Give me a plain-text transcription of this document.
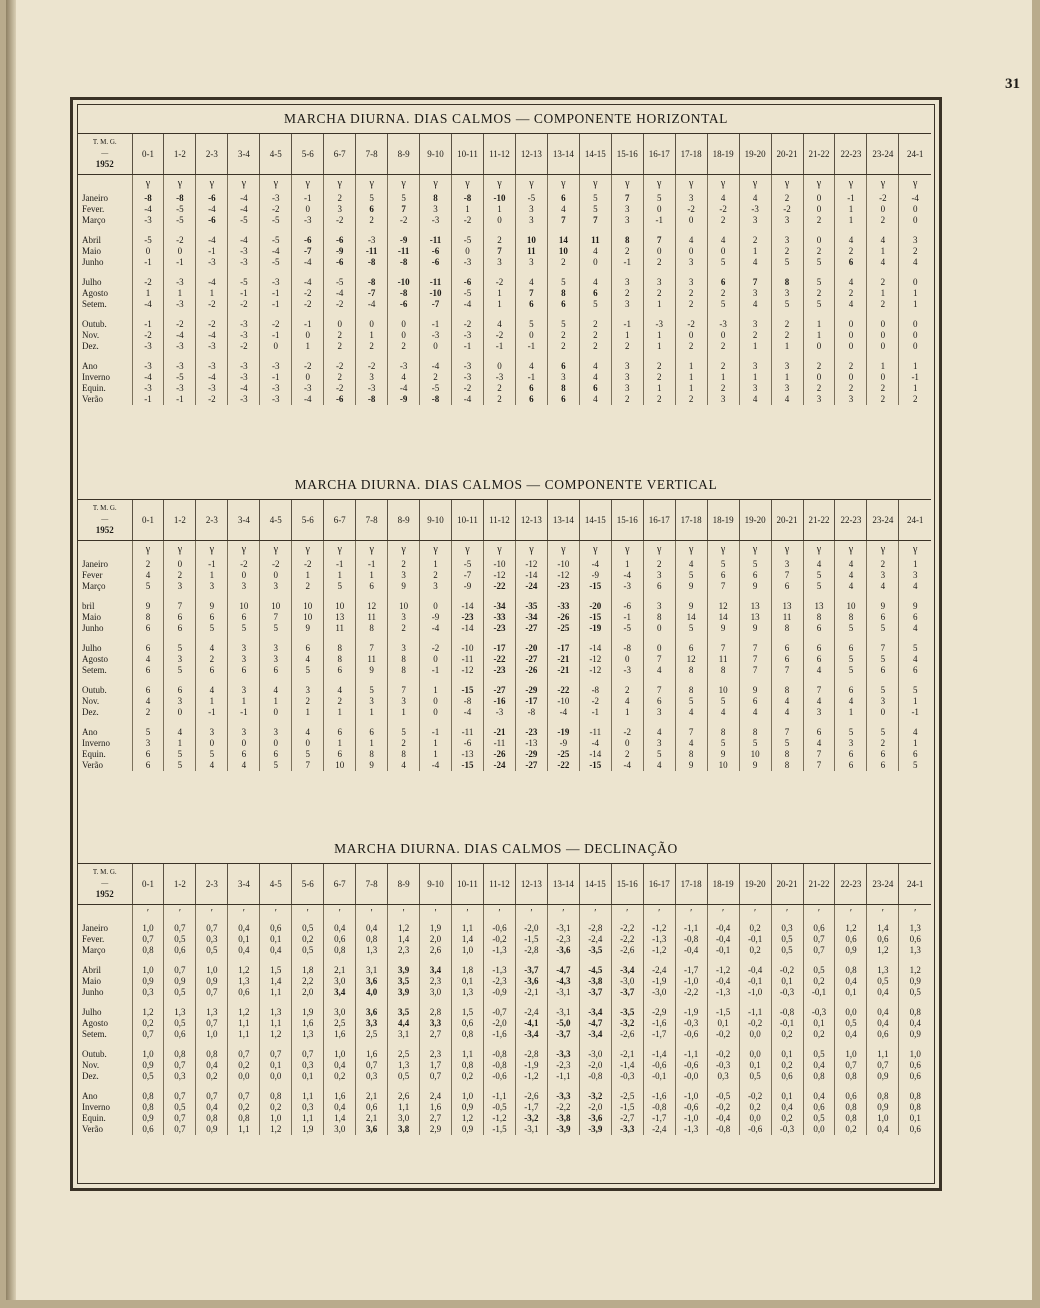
31
MARCHA DIURNA. DIAS CALMOS — COMPONENTE HORIZONTAL
T. M. G.
—
1952	0-1	1-2	2-3	3-4	4-5	5-6	6-7	7-8	8-9	9-10	10-11	11-12	12-13	13-14	14-15	15-16	16-17	17-18	18-19	19-20	20-21	21-22	22-23	23-24	24-1
	γ	γ	γ	γ	γ	γ	γ	γ	γ	γ	γ	γ	γ	γ	γ	γ	γ	γ	γ	γ	γ	γ	γ	γ	γ
Janeiro	-8	-8	-6	-4	-3	-1	2	5	5	8	-8	-10	-5	6	5	7	5	3	4	4	2	0	-1	-2	-4
Fever.	-4	-5	-4	-4	-2	0	3	6	7	3	1	1	3	4	5	3	0	-2	-2	-3	-2	0	1	0	0
Março	-3	-5	-6	-5	-5	-3	-2	2	-2	-3	-2	0	3	7	7	3	-1	0	2	3	3	2	1	2	0

Abril	-5	-2	-4	-4	-5	-6	-6	-3	-9	-11	-5	2	10	14	11	8	7	4	4	2	3	0	4	4	3
Maio	0	0	-1	-3	-4	-7	-9	-11	-11	-6	0	7	11	10	4	2	0	0	0	1	2	2	2	1	2
Junho	-1	-1	-3	-3	-5	-4	-6	-8	-8	-6	-3	3	3	2	0	-1	2	3	5	4	5	5	6	4	4

Julho	-2	-3	-4	-5	-3	-4	-5	-8	-10	-11	-6	-2	4	5	4	3	3	3	6	7	8	5	4	2	0
Agosto	1	1	1	-1	-1	-2	-4	-7	-8	-10	-5	1	7	8	6	2	2	2	2	3	3	2	2	1	1
Setem.	-4	-3	-2	-2	-1	-2	-2	-4	-6	-7	-4	1	6	6	5	3	1	2	5	4	5	5	4	2	1

Outub.	-1	-2	-2	-3	-2	-1	0	0	0	-1	-2	4	5	5	2	-1	-3	-2	-3	3	2	1	0	0	0
Nov.	-2	-4	-4	-3	-1	0	2	1	0	-3	-3	-2	0	2	2	1	1	0	0	2	2	1	0	0	0
Dez.	-3	-3	-3	-2	0	1	2	2	2	0	-1	-1	-1	2	2	2	1	2	2	1	1	0	0	0	0

Ano	-3	-3	-3	-3	-3	-2	-2	-2	-3	-4	-3	0	4	6	4	3	2	1	2	3	3	2	2	1	1
Inverno	-4	-5	-4	-3	-1	0	2	3	4	2	-3	-3	-1	3	4	3	2	1	1	1	1	0	0	0	-1
Equin.	-3	-3	-3	-4	-3	-3	-2	-3	-4	-5	-2	2	6	8	6	3	1	1	2	3	3	2	2	2	1
Verão	-1	-1	-2	-3	-3	-4	-6	-8	-9	-8	-4	2	6	6	4	2	2	2	3	4	4	3	3	2	2
MARCHA DIURNA. DIAS CALMOS — COMPONENTE VERTICAL
T. M. G.
—
1952	0-1	1-2	2-3	3-4	4-5	5-6	6-7	7-8	8-9	9-10	10-11	11-12	12-13	13-14	14-15	15-16	16-17	17-18	18-19	19-20	20-21	21-22	22-23	23-24	24-1
	γ	γ	γ	γ	γ	γ	γ	γ	γ	γ	γ	γ	γ	γ	γ	γ	γ	γ	γ	γ	γ	γ	γ	γ	γ
Janeiro	2	0	-1	-2	-2	-2	-1	-1	2	1	-5	-10	-12	-10	-4	1	2	4	5	5	3	4	4	2	1
Fever	4	2	1	0	0	1	1	1	3	2	-7	-12	-14	-12	-9	-4	3	5	6	6	7	5	4	3	3
Março	5	3	3	3	3	2	5	6	9	3	-9	-22	-24	-23	-15	-3	6	9	7	9	6	5	4	4	4

bril	9	7	9	10	10	10	10	12	10	0	-14	-34	-35	-33	-20	-6	3	9	12	13	13	13	10	9	9
Maio	8	6	6	6	7	10	13	11	3	-9	-23	-33	-34	-26	-15	-1	8	14	14	13	11	8	8	6	6
Junho	6	6	5	5	5	9	11	8	2	-4	-14	-23	-27	-25	-19	-5	0	5	9	9	8	6	5	5	4

Julho	6	5	4	3	3	6	8	7	3	-2	-10	-17	-20	-17	-14	-8	0	6	7	7	6	6	6	7	5
Agosto	4	3	2	3	3	4	8	11	8	0	-11	-22	-27	-21	-12	0	7	12	11	7	6	6	5	5	4
Setem.	6	5	6	6	6	5	6	9	8	-1	-12	-23	-26	-21	-12	-3	4	8	8	7	7	4	5	6	6

Outub.	6	6	4	3	4	3	4	5	7	1	-15	-27	-29	-22	-8	2	7	8	10	9	8	7	6	5	5
Nov.	4	3	1	1	1	2	2	3	3	0	-8	-16	-17	-10	-2	4	6	5	5	6	4	4	4	3	1
Dez.	2	0	-1	-1	0	1	1	1	1	0	-4	-3	-8	-4	-1	1	3	4	4	4	4	3	1	0	-1

Ano	5	4	3	3	3	4	6	6	5	-1	-11	-21	-23	-19	-11	-2	4	7	8	8	7	6	5	5	4
Inverno	3	1	0	0	0	0	1	1	2	1	-6	-11	-13	-9	-4	0	3	4	5	5	5	4	3	2	1
Equin.	6	5	5	6	6	5	6	8	8	1	-13	-26	-29	-25	-14	2	5	8	9	10	8	7	6	6	6
Verão	6	5	4	4	5	7	10	9	4	-4	-15	-24	-27	-22	-15	-4	4	9	10	9	8	7	6	6	5
MARCHA DIURNA. DIAS CALMOS — DECLINAÇÃO
T. M. G.
—
1952	0-1	1-2	2-3	3-4	4-5	5-6	6-7	7-8	8-9	9-10	10-11	11-12	12-13	13-14	14-15	15-16	16-17	17-18	18-19	19-20	20-21	21-22	22-23	23-24	24-1
	′	′	′	′	′	′	′	′	′	′	′	′	′	′	′	′	′	′	′	′	′	′	′	′	′
Janeiro	1,0	0,7	0,7	0,4	0,6	0,5	0,4	0,4	1,2	1,9	1,1	-0,6	-2,0	-3,1	-2,8	-2,2	-1,2	-1,1	-0,4	0,2	0,3	0,6	1,2	1,4	1,3
Fever.	0,7	0,5	0,3	0,1	0,1	0,2	0,6	0,8	1,4	2,0	1,4	-0,2	-1,5	-2,3	-2,4	-2,2	-1,3	-0,8	-0,4	-0,1	0,5	0,7	0,6	0,6	0,6
Março	0,8	0,6	0,5	0,4	0,4	0,5	0,8	1,3	2,3	2,6	1,0	-1,3	-2,8	-3,6	-3,5	-2,6	-1,2	-0,4	-0,1	0,2	0,5	0,7	0,9	1,2	1,3

Abril	1,0	0,7	1,0	1,2	1,5	1,8	2,1	3,1	3,9	3,4	1,8	-1,3	-3,7	-4,7	-4,5	-3,4	-2,4	-1,7	-1,2	-0,4	-0,2	0,5	0,8	1,3	1,2
Maio	0,9	0,9	0,9	1,3	1,4	2,2	3,0	3,6	3,5	2,3	0,1	-2,3	-3,6	-4,3	-3,8	-3,0	-1,9	-1,0	-0,4	-0,1	0,1	0,2	0,4	0,5	0,9
Junho	0,3	0,5	0,7	0,6	1,1	2,0	3,4	4,0	3,9	3,0	1,3	-0,9	-2,1	-3,1	-3,7	-3,7	-3,0	-2,2	-1,3	-1,0	-0,3	-0,1	0,1	0,4	0,5

Julho	1,2	1,3	1,3	1,2	1,3	1,9	3,0	3,6	3,5	2,8	1,5	-0,7	-2,4	-3,1	-3,4	-3,5	-2,9	-1,9	-1,5	-1,1	-0,8	-0,3	0,0	0,4	0,8
Agosto	0,2	0,5	0,7	1,1	1,1	1,6	2,5	3,3	4,4	3,3	0,6	-2,0	-4,1	-5,0	-4,7	-3,2	-1,6	-0,3	0,1	-0,2	-0,1	0,1	0,5	0,4	0,4
Setem.	0,7	0,6	1,0	1,1	1,2	1,3	1,6	2,5	3,1	2,7	0,8	-1,6	-3,4	-3,7	-3,4	-2,6	-1,7	-0,6	-0,2	0,0	0,2	0,2	0,4	0,6	0,9

Outub.	1,0	0,8	0,8	0,7	0,7	0,7	1,0	1,6	2,5	2,3	1,1	-0,8	-2,8	-3,3	-3,0	-2,1	-1,4	-1,1	-0,2	0,0	0,1	0,5	1,0	1,1	1,0
Nov.	0,9	0,7	0,4	0,2	0,1	0,3	0,4	0,7	1,3	1,7	0,8	-0,8	-1,9	-2,3	-2,0	-1,4	-0,6	-0,6	-0,3	0,1	0,2	0,4	0,7	0,7	0,6
Dez.	0,5	0,3	0,2	0,0	0,0	0,1	0,2	0,3	0,5	0,7	0,2	-0,6	-1,2	-1,1	-0,8	-0,3	-0,1	-0,0	0,3	0,5	0,6	0,8	0,8	0,9	0,6

Ano	0,8	0,7	0,7	0,7	0,8	1,1	1,6	2,1	2,6	2,4	1,0	-1,1	-2,6	-3,3	-3,2	-2,5	-1,6	-1,0	-0,5	-0,2	0,1	0,4	0,6	0,8	0,8
Inverno	0,8	0,5	0,4	0,2	0,2	0,3	0,4	0,6	1,1	1,6	0,9	-0,5	-1,7	-2,2	-2,0	-1,5	-0,8	-0,6	-0,2	0,2	0,4	0,6	0,8	0,9	0,8
Equin.	0,9	0,7	0,8	0,8	1,0	1,1	1,4	2,1	3,0	2,7	1,2	-1,2	-3,2	-3,8	-3,6	-2,7	-1,7	-1,0	-0,4	0,0	0,2	0,5	0,8	1,0	0,1
Verão	0,6	0,7	0,9	1,1	1,2	1,9	3,0	3,6	3,8	2,9	0,9	-1,5	-3,1	-3,9	-3,9	-3,3	-2,4	-1,3	-0,8	-0,6	-0,3	0,0	0,2	0,4	0,6
